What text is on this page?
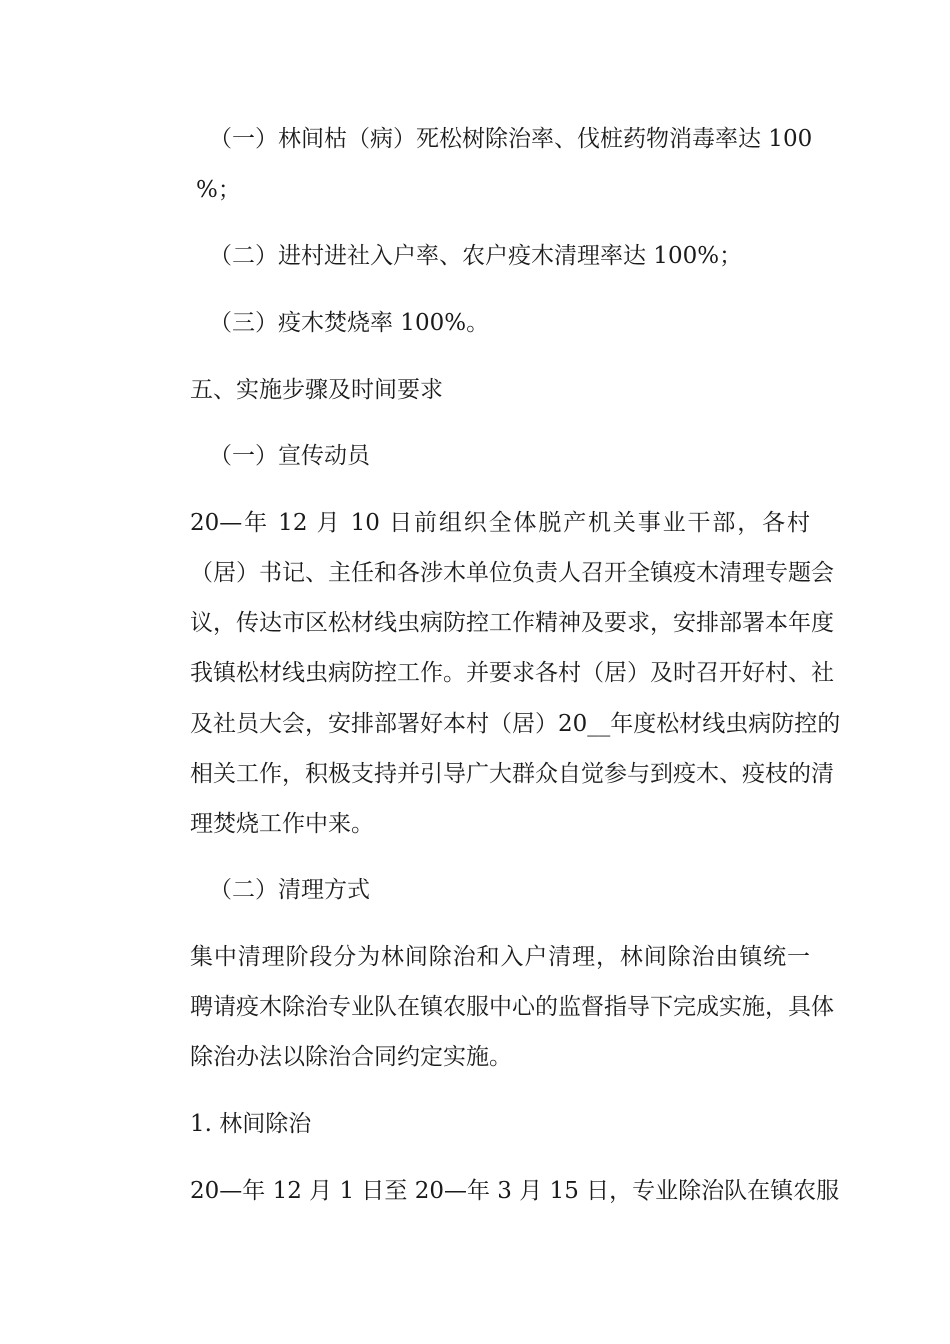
（一）林间枯（病）死松树除治率、伐桩药物消毒率达 100
%；
（二）进村进社入户率、农户疫木清理率达 100%；
（三）疫木焚烧率 100%。
五、实施步骤及时间要求
（一）宣传动员
20—年 12 月 10 日前组织全体脱产机关事业干部，各村
（居）书记、主任和各涉木单位负责人召开全镇疫木清理专题会
议，传达市区松材线虫病防控工作精神及要求，安排部署本年度
我镇松材线虫病防控工作。并要求各村（居）及时召开好村、社
及社员大会，安排部署好本村（居）20__年度松材线虫病防控的
相关工作，积极支持并引导广大群众自觉参与到疫木、疫枝的清
理焚烧工作中来。
（二）清理方式
集中清理阶段分为林间除治和入户清理，林间除治由镇统一
聘请疫木除治专业队在镇农服中心的监督指导下完成实施，具体
除治办法以除治合同约定实施。
1. 林间除治
20—年 12 月 1 日至 20—年 3 月 15 日，专业除治队在镇农服
